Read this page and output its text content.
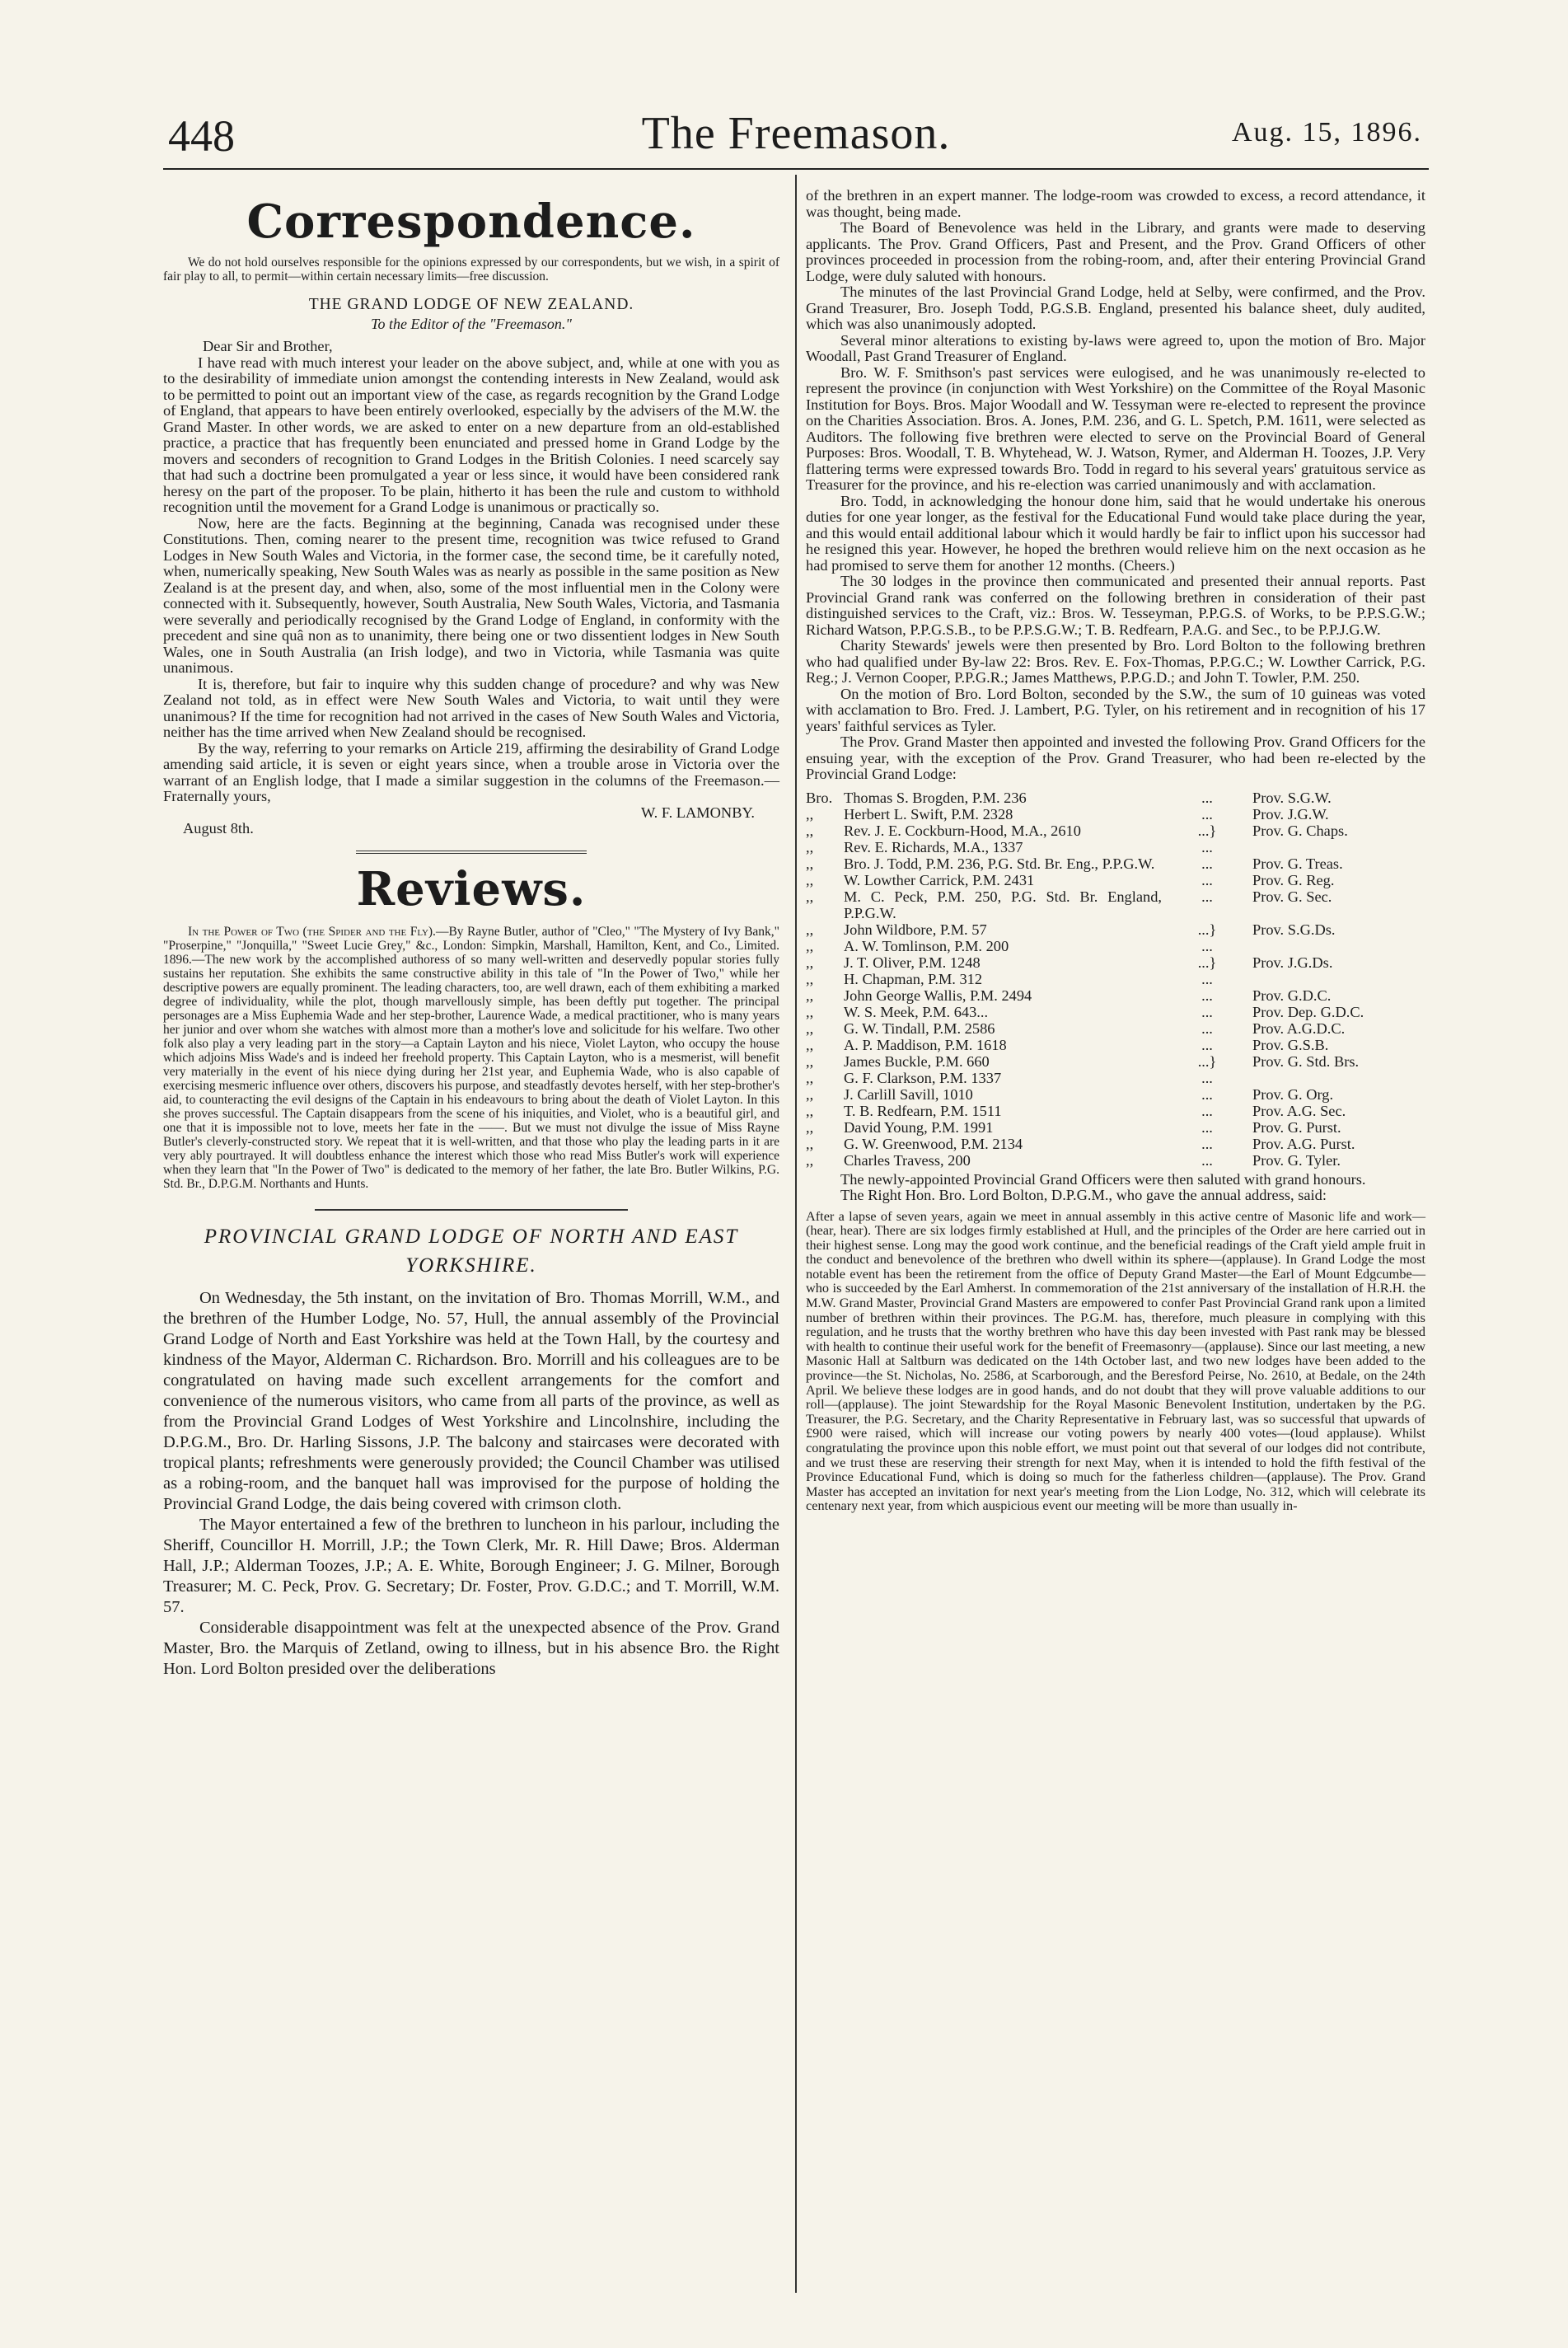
448	The Freemason.	Aug. 15, 1896.
Correspondence.

We do not hold ourselves responsible for the opinions expressed by our correspondents, but we wish, in a spirit of fair play to all, to permit—within certain necessary limits—free discussion.

THE GRAND LODGE OF NEW ZEALAND.

To the Editor of the "Freemason."

Dear Sir and Brother,

I have read with much interest your leader on the above subject, and, while at one with you as to the desirability of immediate union amongst the contending interests in New Zealand, would ask to be permitted to point out an important view of the case, as regards recognition by the Grand Lodge of England, that appears to have been entirely overlooked, especially by the advisers of the M.W. the Grand Master. In other words, we are asked to enter on a new departure from an old-established practice, a practice that has frequently been enunciated and pressed home in Grand Lodge by the movers and seconders of recognition to Grand Lodges in the British Colonies. I need scarcely say that had such a doctrine been promulgated a year or less since, it would have been considered rank heresy on the part of the proposer. To be plain, hitherto it has been the rule and custom to withhold recognition until the movement for a Grand Lodge is unanimous or practically so.

Now, here are the facts. Beginning at the beginning, Canada was recognised under these Constitutions. Then, coming nearer to the present time, recognition was twice refused to Grand Lodges in New South Wales and Victoria, in the former case, the second time, be it carefully noted, when, numerically speaking, New South Wales was as nearly as possible in the same position as New Zealand is at the present day, and when, also, some of the most influential men in the Colony were connected with it. Subsequently, however, South Australia, New South Wales, Victoria, and Tasmania were severally and periodically recognised by the Grand Lodge of England, in conformity with the precedent and sine quâ non as to unanimity, there being one or two dissentient lodges in New South Wales, one in South Australia (an Irish lodge), and two in Victoria, while Tasmania was quite unanimous.

It is, therefore, but fair to inquire why this sudden change of procedure? and why was New Zealand not told, as in effect were New South Wales and Victoria, to wait until they were unanimous? If the time for recognition had not arrived in the cases of New South Wales and Victoria, neither has the time arrived when New Zealand should be recognised.

By the way, referring to your remarks on Article 219, affirming the desirability of Grand Lodge amending said article, it is seven or eight years since, when a trouble arose in Victoria over the warrant of an English lodge, that I made a similar suggestion in the columns of the Freemason.—Fraternally yours,

W. F. LAMONBY.

August 8th.

Reviews.

In the Power of Two (the Spider and the Fly).—By Rayne Butler, author of "Cleo," "The Mystery of Ivy Bank," "Proserpine," "Jonquilla," "Sweet Lucie Grey," &c., London: Simpkin, Marshall, Hamilton, Kent, and Co., Limited. 1896.—The new work by the accomplished authoress of so many well-written and deservedly popular stories fully sustains her reputation. She exhibits the same constructive ability in this tale of "In the Power of Two," while her descriptive powers are equally prominent. The leading characters, too, are well drawn, each of them exhibiting a marked degree of individuality, while the plot, though marvellously simple, has been deftly put together. The principal personages are a Miss Euphemia Wade and her step-brother, Laurence Wade, a medical practitioner, who is many years her junior and over whom she watches with almost more than a mother's love and solicitude for his welfare. Two other folk also play a very leading part in the story—a Captain Layton and his niece, Violet Layton, who occupy the house which adjoins Miss Wade's and is indeed her freehold property. This Captain Layton, who is a mesmerist, will benefit very materially in the event of his niece dying during her 21st year, and Euphemia Wade, who is also capable of exercising mesmeric influence over others, discovers his purpose, and steadfastly devotes herself, with her step-brother's aid, to counteracting the evil designs of the Captain in his endeavours to bring about the death of Violet Layton. In this she proves successful. The Captain disappears from the scene of his iniquities, and Violet, who is a beautiful girl, and one that it is impossible not to love, meets her fate in the ——. But we must not divulge the issue of Miss Rayne Butler's cleverly-constructed story. We repeat that it is well-written, and that those who play the leading parts in it are very ably pourtrayed. It will doubtless enhance the interest which those who read Miss Butler's work will experience when they learn that "In the Power of Two" is dedicated to the memory of her father, the late Bro. Butler Wilkins, P.G. Std. Br., D.P.G.M. Northants and Hunts.

PROVINCIAL GRAND LODGE OF NORTH AND EAST YORKSHIRE.

On Wednesday, the 5th instant, on the invitation of Bro. Thomas Morrill, W.M., and the brethren of the Humber Lodge, No. 57, Hull, the annual assembly of the Provincial Grand Lodge of North and East Yorkshire was held at the Town Hall, by the courtesy and kindness of the Mayor, Alderman C. Richardson. Bro. Morrill and his colleagues are to be congratulated on having made such excellent arrangements for the comfort and convenience of the numerous visitors, who came from all parts of the province, as well as from the Provincial Grand Lodges of West Yorkshire and Lincolnshire, including the D.P.G.M., Bro. Dr. Harling Sissons, J.P. The balcony and staircases were decorated with tropical plants; refreshments were generously provided; the Council Chamber was utilised as a robing-room, and the banquet hall was improvised for the purpose of holding the Provincial Grand Lodge, the dais being covered with crimson cloth.

The Mayor entertained a few of the brethren to luncheon in his parlour, including the Sheriff, Councillor H. Morrill, J.P.; the Town Clerk, Mr. R. Hill Dawe; Bros. Alderman Hall, J.P.; Alderman Toozes, J.P.; A. E. White, Borough Engineer; J. G. Milner, Borough Treasurer; M. C. Peck, Prov. G. Secretary; Dr. Foster, Prov. G.D.C.; and T. Morrill, W.M. 57.

Considerable disappointment was felt at the unexpected absence of the Prov. Grand Master, Bro. the Marquis of Zetland, owing to illness, but in his absence Bro. the Right Hon. Lord Bolton presided over the deliberations

of the brethren in an expert manner. The lodge-room was crowded to excess, a record attendance, it was thought, being made.

The Board of Benevolence was held in the Library, and grants were made to deserving applicants. The Prov. Grand Officers, Past and Present, and the Prov. Grand Officers of other provinces proceeded in procession from the robing-room, and, after their entering Provincial Grand Lodge, were duly saluted with honours.

The minutes of the last Provincial Grand Lodge, held at Selby, were confirmed, and the Prov. Grand Treasurer, Bro. Joseph Todd, P.G.S.B. England, presented his balance sheet, duly audited, which was also unanimously adopted.

Several minor alterations to existing by-laws were agreed to, upon the motion of Bro. Major Woodall, Past Grand Treasurer of England.

Bro. W. F. Smithson's past services were eulogised, and he was unanimously re-elected to represent the province (in conjunction with West Yorkshire) on the Committee of the Royal Masonic Institution for Boys. Bros. Major Woodall and W. Tessyman were re-elected to represent the province on the Charities Association. Bros. A. Jones, P.M. 236, and G. L. Spetch, P.M. 1611, were selected as Auditors. The following five brethren were elected to serve on the Provincial Board of General Purposes: Bros. Woodall, T. B. Whytehead, W. J. Watson, Rymer, and Alderman H. Toozes, J.P. Very flattering terms were expressed towards Bro. Todd in regard to his several years' gratuitous service as Treasurer for the province, and his re-election was carried unanimously and with acclamation.

Bro. Todd, in acknowledging the honour done him, said that he would undertake his onerous duties for one year longer, as the festival for the Educational Fund would take place during the year, and this would entail additional labour which it would hardly be fair to inflict upon his successor had he resigned this year. However, he hoped the brethren would relieve him on the next occasion as he had promised to serve them for another 12 months. (Cheers.)

The 30 lodges in the province then communicated and presented their annual reports. Past Provincial Grand rank was conferred on the following brethren in consideration of their past distinguished services to the Craft, viz.: Bros. W. Tesseyman, P.P.G.S. of Works, to be P.P.S.G.W.; Richard Watson, P.P.G.S.B., to be P.P.S.G.W.; T. B. Redfearn, P.A.G. and Sec., to be P.P.J.G.W.

Charity Stewards' jewels were then presented by Bro. Lord Bolton to the following brethren who had qualified under By-law 22: Bros. Rev. E. Fox-Thomas, P.P.G.C.; W. Lowther Carrick, P.G. Reg.; J. Vernon Cooper, P.P.G.R.; James Matthews, P.P.G.D.; and John T. Towler, P.M. 250.

On the motion of Bro. Lord Bolton, seconded by the S.W., the sum of 10 guineas was voted with acclamation to Bro. Fred. J. Lambert, P.G. Tyler, on his retirement and in recognition of his 17 years' faithful services as Tyler.

The Prov. Grand Master then appointed and invested the following Prov. Grand Officers for the ensuing year, with the exception of the Prov. Grand Treasurer, who had been re-elected by the Provincial Grand Lodge:

Bro.	Thomas S. Brogden, P.M. 236	...	Prov. S.G.W.
,,	Herbert L. Swift, P.M. 2328	...	Prov. J.G.W.
,,	Rev. J. E. Cockburn-Hood, M.A., 2610	...}	Prov. G. Chaps.
,,	Rev. E. Richards, M.A., 1337	...	
,,	Bro. J. Todd, P.M. 236, P.G. Std. Br. Eng., P.P.G.W.	...	Prov. G. Treas.
,,	W. Lowther Carrick, P.M. 2431	...	Prov. G. Reg.
,,	M. C. Peck, P.M. 250, P.G. Std. Br. England, P.P.G.W.	...	Prov. G. Sec.
,,	John Wildbore, P.M. 57	...}	Prov. S.G.Ds.
,,	A. W. Tomlinson, P.M. 200	...	
,,	J. T. Oliver, P.M. 1248	...}	Prov. J.G.Ds.
,,	H. Chapman, P.M. 312	...	
,,	John George Wallis, P.M. 2494	...	Prov. G.D.C.
,,	W. S. Meek, P.M. 643...	...	Prov. Dep. G.D.C.
,,	G. W. Tindall, P.M. 2586	...	Prov. A.G.D.C.
,,	A. P. Maddison, P.M. 1618	...	Prov. G.S.B.
,,	James Buckle, P.M. 660	...}	Prov. G. Std. Brs.
,,	G. F. Clarkson, P.M. 1337	...	
,,	J. Carlill Savill, 1010	...	Prov. G. Org.
,,	T. B. Redfearn, P.M. 1511	...	Prov. A.G. Sec.
,,	David Young, P.M. 1991	...	Prov. G. Purst.
,,	G. W. Greenwood, P.M. 2134	...	Prov. A.G. Purst.
,,	Charles Travess, 200	...	Prov. G. Tyler.

The newly-appointed Provincial Grand Officers were then saluted with grand honours.

The Right Hon. Bro. Lord Bolton, D.P.G.M., who gave the annual address, said:

After a lapse of seven years, again we meet in annual assembly in this active centre of Masonic life and work—(hear, hear). There are six lodges firmly established at Hull, and the principles of the Order are here carried out in their highest sense. Long may the good work continue, and the beneficial readings of the Craft yield ample fruit in the conduct and benevolence of the brethren who dwell within its sphere—(applause). In Grand Lodge the most notable event has been the retirement from the office of Deputy Grand Master—the Earl of Mount Edgcumbe—who is succeeded by the Earl Amherst. In commemoration of the 21st anniversary of the installation of H.R.H. the M.W. Grand Master, Provincial Grand Masters are empowered to confer Past Provincial Grand rank upon a limited number of brethren within their provinces. The P.G.M. has, therefore, much pleasure in complying with this regulation, and he trusts that the worthy brethren who have this day been invested with Past rank may be blessed with health to continue their useful work for the benefit of Freemasonry—(applause). Since our last meeting, a new Masonic Hall at Saltburn was dedicated on the 14th October last, and two new lodges have been added to the province—the St. Nicholas, No. 2586, at Scarborough, and the Beresford Peirse, No. 2610, at Bedale, on the 24th April. We believe these lodges are in good hands, and do not doubt that they will prove valuable additions to our roll—(applause). The joint Stewardship for the Royal Masonic Benevolent Institution, undertaken by the P.G. Treasurer, the P.G. Secretary, and the Charity Representative in February last, was so successful that upwards of £900 were raised, which will increase our voting powers by nearly 400 votes—(loud applause). Whilst congratulating the province upon this noble effort, we must point out that several of our lodges did not contribute, and we trust these are reserving their strength for next May, when it is intended to hold the fifth festival of the Province Educational Fund, which is doing so much for the fatherless children—(applause). The Prov. Grand Master has accepted an invitation for next year's meeting from the Lion Lodge, No. 312, which will celebrate its centenary next year, from which auspicious event our meeting will be more than usually in-
